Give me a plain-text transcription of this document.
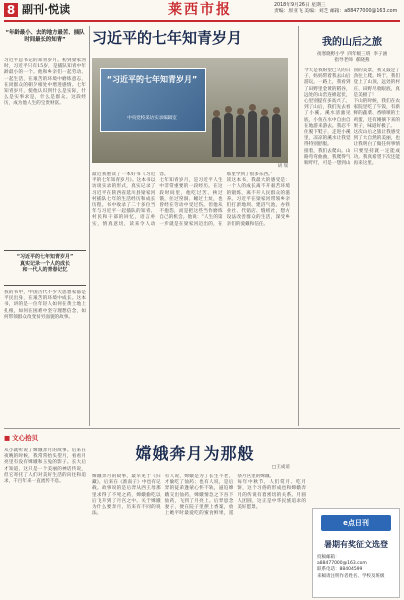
8 副刊·悦读	莱西市报	2018年9月26日 星期三
责编：原亚飞 美编：刘芝 邮箱：a88477000@163.com
“年龄最小、去的地方最苦、插队时间最长的知青”
习近平总书记的知青岁月。初到梁家河时，习近平只有15岁，是插队知青中年龄最小的一个。他和乡亲们一起劳动、一起生活，在艰苦的环境中磨炼意志，在同群众的朝夕相处中增进感情。七年知青岁月，使他认识到什么是实际，什么是实事求是，什么是群众。这段经历，成为他人生的宝贵财富。
“习近平的七年知青岁月”
真实记录一个人的成长
和一代人的青春记忆
我的书中，中国古代不少大思想家都是平民出身，在艰苦的环境中成长。这本书，讲的是一位年轻人如何在黄土地上扎根，如何在困难中坚守理想信念，如何带领群众改变贫穷面貌的故事。
习近平的七年知青岁月
“习近平的七年知青岁月”
中央党校采访实录编辑室
胡 瑞
最近我重读了一本好书《习近平的七年知青岁月》。这本书以访谈实录的形式，真实记录了习近平在陕西省延川县梁家河村插队七年的生活经历和成长历程。书中收录了二十多位当年与习近平一起插队的知青、村民和干部的回忆，语言朴实，情真意切，读来令人动容。
七年知青岁月，是习近平人生中非常重要的一段经历。在这段时间里，他吃过苦、挨过饿，住过窑洞、睡过土炕，也曾经在劳动中受过伤。但他从不抱怨，而是把这些当作磨炼自己的机会。他说：“人生的第一步就是在梁家河迈出的，在那里学到了很多东西。”
读这本书，我最大的感受是：一个人的成长离不开艰苦环境的锻炼，离不开人民群众的滋养。习近平在梁家河带领乡亲们打淤地坝、建沼气池、办铁业社、代销店、缝纫社，想方设法改善群众的生活，深受乡亲们的爱戴和信任。
我的山后之旅
夜寒晓野小学  四年级三班  李子涵
指导老师  郝晓燕
今天是我盼望已久的日子，妈妈带着我去山后游玩。一路上，我看到了田野里金黄的稻谷，远处的山峦连绵起伏，心里别提有多高兴了。
到了山后，我们先去看了小溪。溪水清澈见底，小鱼在水中自由自在地游来游去。我忍不住脱下鞋子，走进小溪里，凉凉的溪水让我觉得特别舒服。
接着，我们去爬山。山路弯弯曲曲，我爬得气喘吁吁，可是一想到山顶的美景，我又鼓足了劲往上爬。终于，我们登上了山顶，远处的村庄、田野尽收眼底，真是美极了！
下山的时候，我们在农家院里吃了午饭，有新鲜的蔬菜、香喷喷的土鸡蛋，还有刚摘下来的果子，味道好极了。
这次山后之旅让我感受到了大自然的美丽，也让我明白了做任何事情只要坚持就一定能成功。我真希望下次还能再来这里。
■ 文心拾贝
从小就听说了嫦娥奔月的故事。后来在夜晚的时候，我常常抬头望月，看看月亮里有没有嫦娥和玉兔的影子。长大后才知道，这只是一个美丽的神话传说，但它寄托了人们对美好生活的向往和追求，千百年来一直流传不息。
嫦娥奔月为那般
□王成谊
嫦娥奔月的故事，最早见于《归藏》，后来在《淮南子》中也有记载。故事说的是后羿从西王母那里求得了不死之药，嫦娥偷吃以后飞升到了月宫之中。关于嫦娥为什么要奔月，历来有不同的说法。
有人说，嫦娥是为了长生不老，才偷吃了仙药；也有人说，是后羿的徒弟逢蒙心怀不轨，逼迫嫦娥交出仙药，嫦娥情急之下吞下仙药，飞到了月亮上。后羿思念妻子，便在院子里摆上香案，放上她平时最爱吃的蜜食鲜果，遥祭月宫里的嫦娥。
每年中秋节，人们赏月、吃月饼，这个习俗的形成也和嫦娥奔月的传说有着密切的关系。月圆人团圆，这正是中华民族追求的美好愿景。
e点日刊
暑期有奖征文选登
投稿邮箱：
a88477000@163.com
联系电话：88404599
来稿请注明作者姓名、学校及班级
